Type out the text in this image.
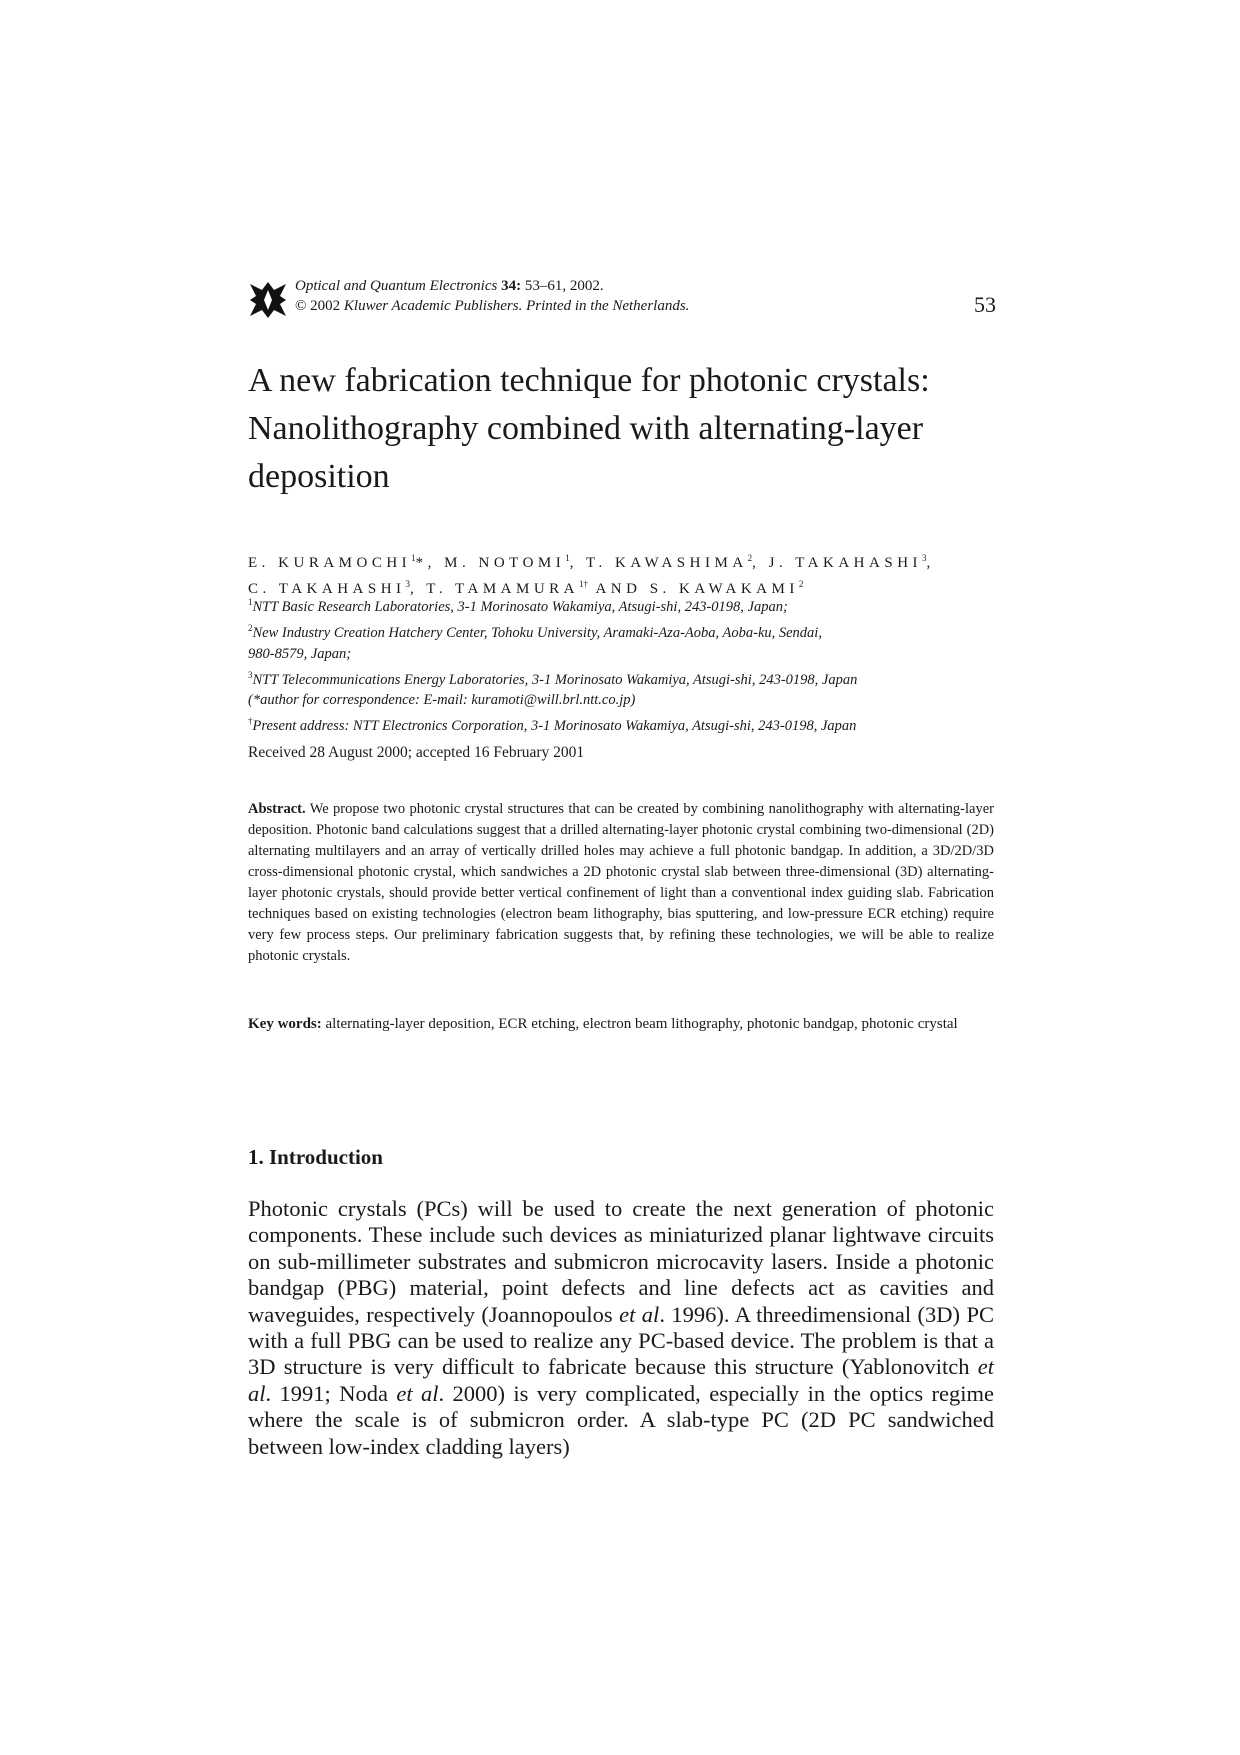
Optical and Quantum Electronics 34: 53–61, 2002.
© 2002 Kluwer Academic Publishers. Printed in the Netherlands.	53
A new fabrication technique for photonic crystals:
Nanolithography combined with alternating-layer
deposition
E. KURAMOCHI$^1$*, M. NOTOMI$^1$, T. KAWASHIMA$^2$, J. TAKAHASHI$^3$,
C. TAKAHASHI$^3$, T. $TAMAMURA^{1\dagger}$ AND S. KAWAKAMI$^2$
$^1$NTT Basic Research Laboratories, 3-1 Morinosato Wakamiya, Atsugi-shi, 243-0198, Japan;
$^2$New Industry Creation Hatchery Center, Tohoku University, Aramaki-Aza-Aoba, Aoba-ku, Sendai,
980-8579, Japan;
$^3$NTT Telecommunications Energy Laboratories, 3-1 Morinosato Wakamiya, Atsugi-shi, 243-0198, Japan
(*author for correspondence: E-mail: kuramoti@will.brl.ntt.co.jp)
†Present address: NTT Electronics Corporation, 3-1 Morinosato Wakamiya, Atsugi-shi, 243-0198, Japan
Received 28 August 2000; accepted 16 February 2001

Abstract. We propose two photonic crystal structures that can be created by combining nanolithography with alternating-layer deposition. Photonic band calculations suggest that a drilled alternating-layer photonic crystal combining two-dimensional (2D) alternating multilayers and an array of vertically drilled holes may achieve a full photonic bandgap. In addition, a 3D/2D/3D cross-dimensional photonic crystal, which sandwiches a 2D photonic crystal slab between three-dimensional (3D) alternating-layer photonic crystals, should provide better vertical confinement of light than a conventional index guiding slab. Fabrication techniques based on existing technologies (electron beam lithography, bias sputtering, and low-pressure ECR etching) require very few process steps. Our preliminary fabrication suggests that, by refining these technologies, we will be able to realize photonic crystals.

Key words: alternating-layer deposition, ECR etching, electron beam lithography, photonic bandgap, photonic crystal

1. Introduction

Photonic crystals (PCs) will be used to create the next generation of photonic components. These include such devices as miniaturized planar lightwave circuits on sub-millimeter substrates and submicron microcavity lasers. Inside a photonic bandgap (PBG) material, point defects and line defects act as cavities and waveguides, respectively (Joannopoulos et al. 1996). A threedimensional (3D) PC with a full PBG can be used to realize any PC-based device. The problem is that a 3D structure is very difficult to fabricate because this structure (Yablonovitch et al. 1991; Noda et al. 2000) is very complicated, especially in the optics regime where the scale is of submicron order. A slab-type PC (2D PC sandwiched between low-index cladding layers)
